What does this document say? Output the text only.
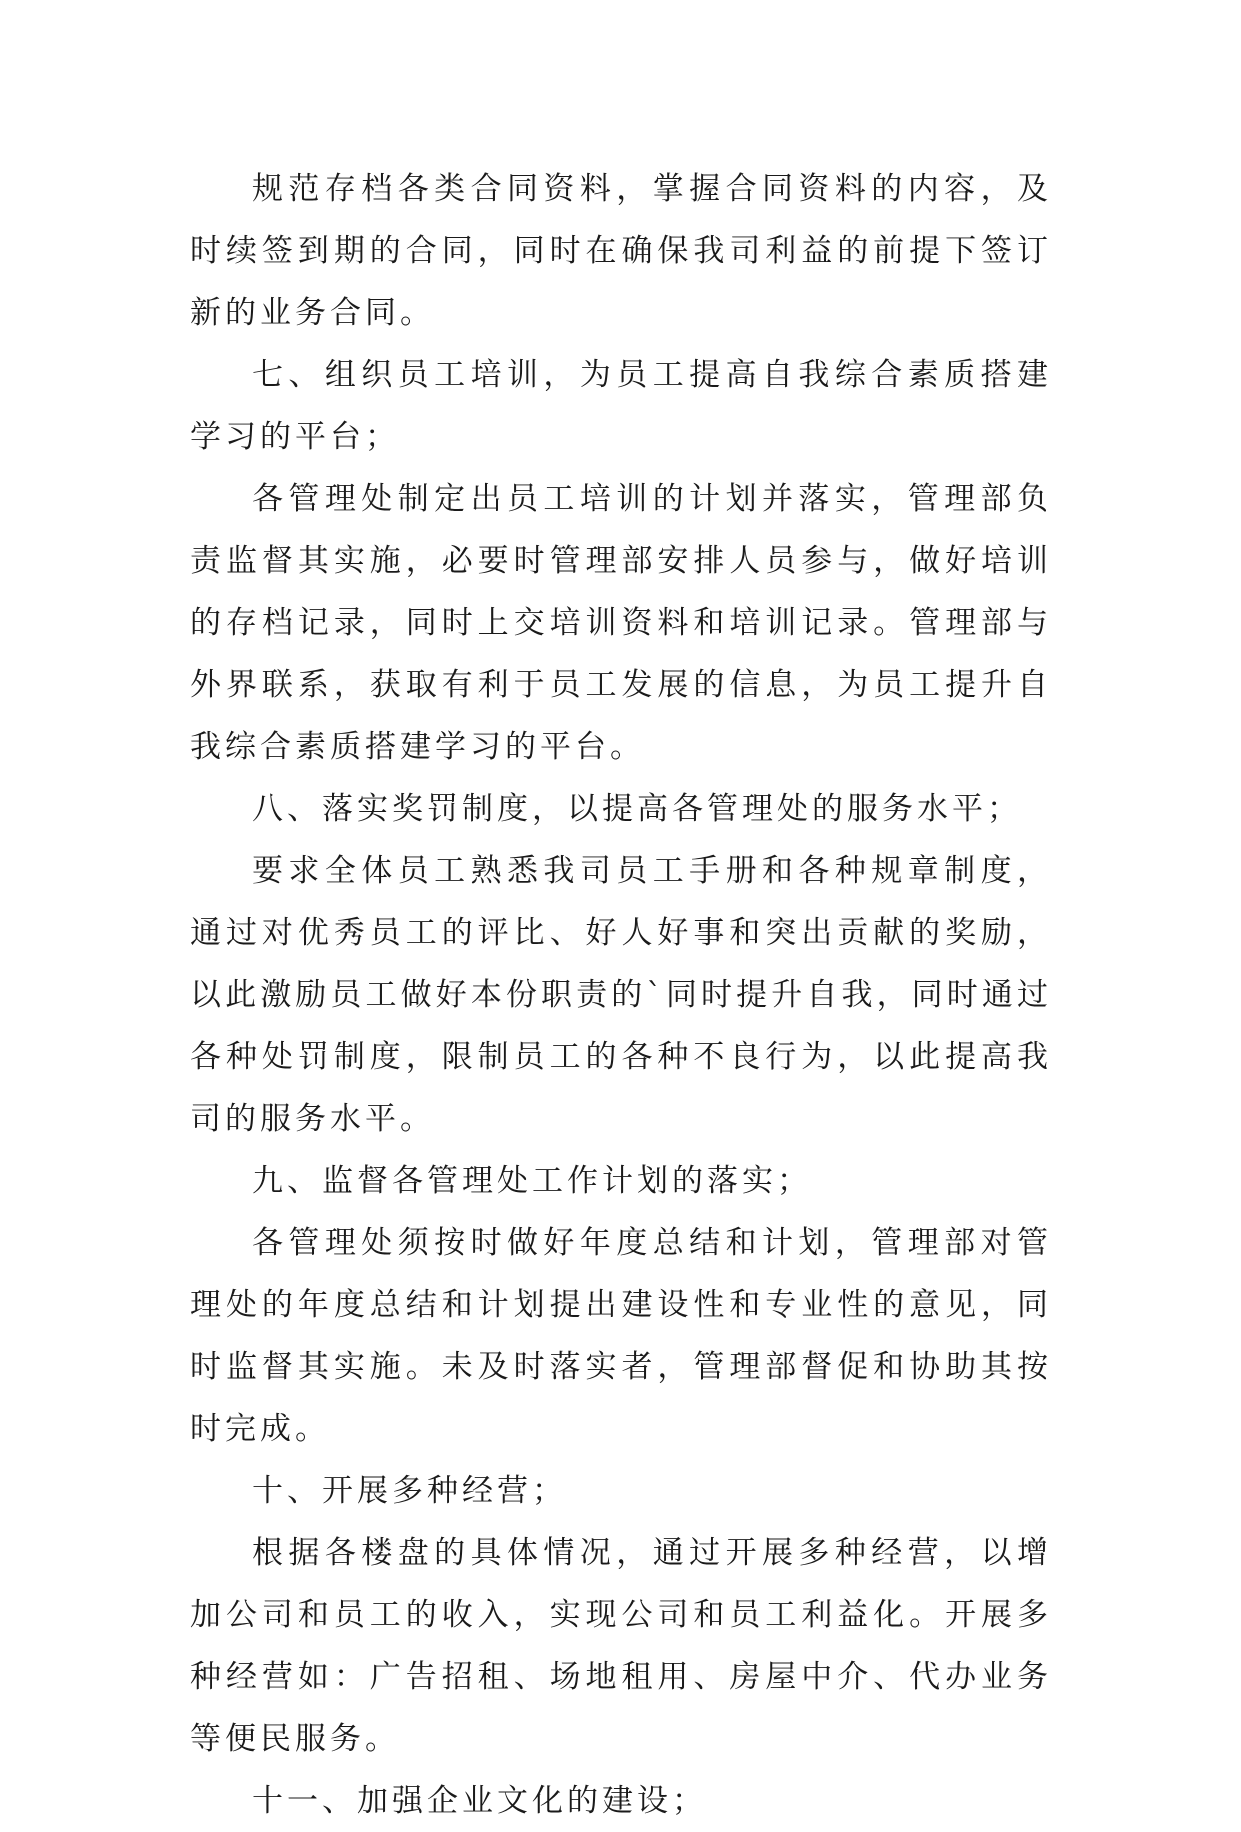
规范存档各类合同资料，掌握合同资料的内容，及时续签到期的合同，同时在确保我司利益的前提下签订新的业务合同。

七、组织员工培训，为员工提高自我综合素质搭建学习的平台；

各管理处制定出员工培训的计划并落实，管理部负责监督其实施，必要时管理部安排人员参与，做好培训的存档记录，同时上交培训资料和培训记录。管理部与外界联系，获取有利于员工发展的信息，为员工提升自我综合素质搭建学习的平台。

八、落实奖罚制度，以提高各管理处的服务水平；

要求全体员工熟悉我司员工手册和各种规章制度，通过对优秀员工的评比、好人好事和突出贡献的奖励，以此激励员工做好本份职责的`同时提升自我，同时通过各种处罚制度，限制员工的各种不良行为，以此提高我司的服务水平。

九、监督各管理处工作计划的落实；

各管理处须按时做好年度总结和计划，管理部对管理处的年度总结和计划提出建设性和专业性的意见，同时监督其实施。未及时落实者，管理部督促和协助其按时完成。

十、开展多种经营；

根据各楼盘的具体情况，通过开展多种经营，以增加公司和员工的收入，实现公司和员工利益化。开展多种经营如：广告招租、场地租用、房屋中介、代办业务等便民服务。

十一、加强企业文化的建设；
